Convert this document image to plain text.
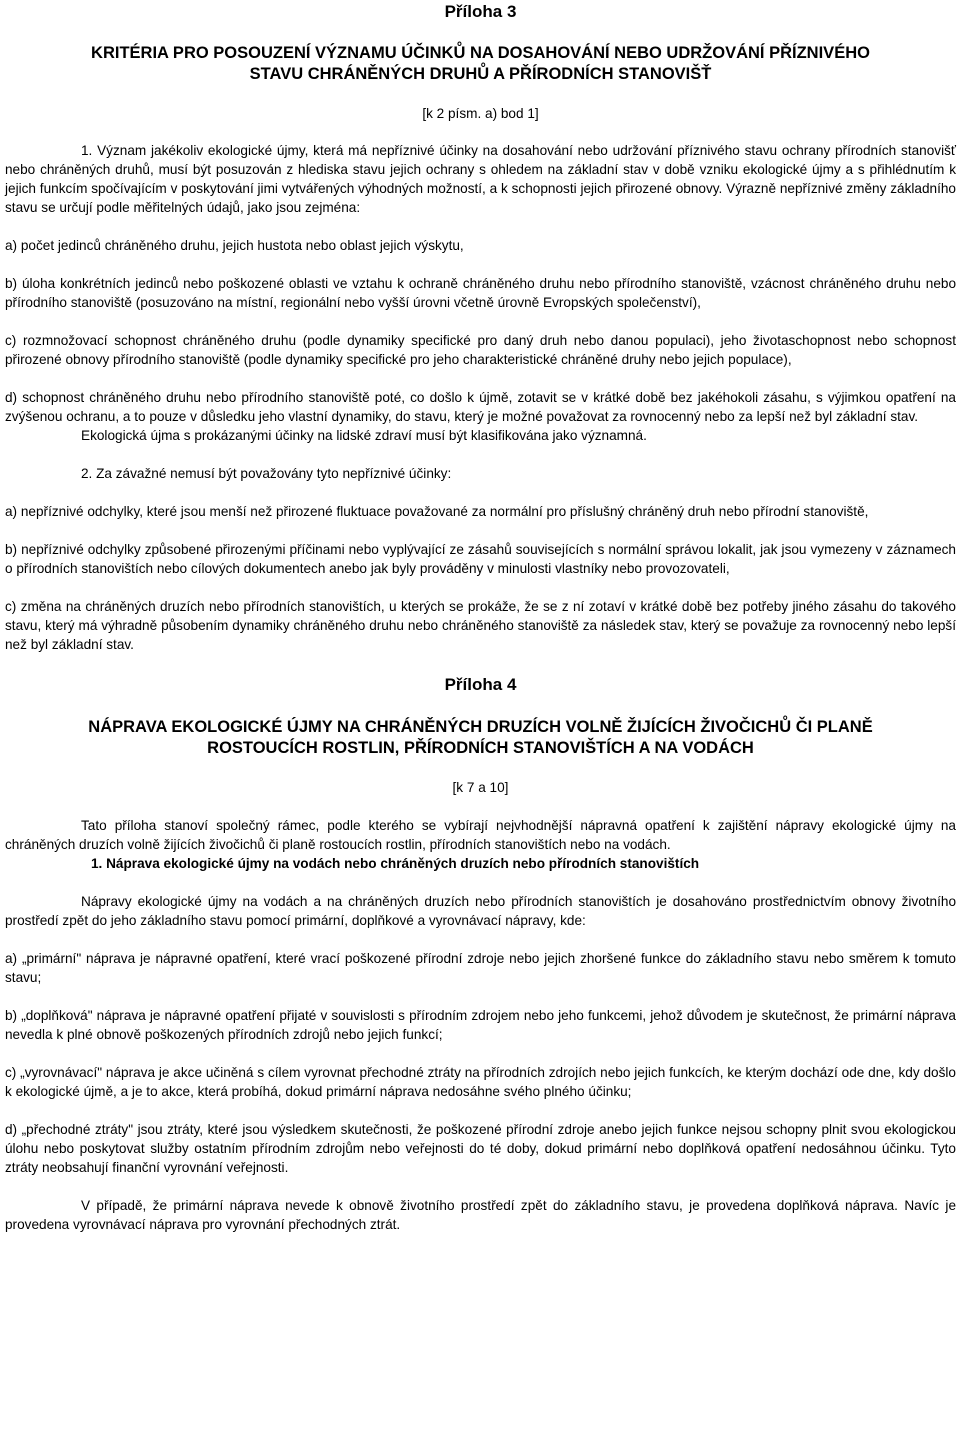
Příloha 3

KRITÉRIA PRO POSOUZENÍ VÝZNAMU ÚČINKŮ NA DOSAHOVÁNÍ NEBO UDRŽOVÁNÍ PŘÍZNIVÉHO
STAVU CHRÁNĚNÝCH DRUHŮ A PŘÍRODNÍCH STANOVIŠŤ

[k 2 písm. a) bod 1]

1. Význam jakékoliv ekologické újmy, která má nepříznivé účinky na dosahování nebo udržování příznivého stavu ochrany přírodních stanovišť nebo chráněných druhů, musí být posuzován z hlediska stavu jejich ochrany s ohledem na základní stav v době vzniku ekologické újmy a s přihlédnutím k jejich funkcím spočívajícím v poskytování jimi vytvářených výhodných možností, a k schopnosti jejich přirozené obnovy. Výrazně nepříznivé změny základního stavu se určují podle měřitelných údajů, jako jsou zejména:

a) počet jedinců chráněného druhu, jejich hustota nebo oblast jejich výskytu,

b) úloha konkrétních jedinců nebo poškozené oblasti ve vztahu k ochraně chráněného druhu nebo přírodního stanoviště, vzácnost chráněného druhu nebo přírodního stanoviště (posuzováno na místní, regionální nebo vyšší úrovni včetně úrovně Evropských společenství),

c) rozmnožovací schopnost chráněného druhu (podle dynamiky specifické pro daný druh nebo danou populaci), jeho životaschopnost nebo schopnost přirozené obnovy přírodního stanoviště (podle dynamiky specifické pro jeho charakteristické chráněné druhy nebo jejich populace),

d) schopnost chráněného druhu nebo přírodního stanoviště poté, co došlo k újmě, zotavit se v krátké době bez jakéhokoli zásahu, s výjimkou opatření na zvýšenou ochranu, a to pouze v důsledku jeho vlastní dynamiky, do stavu, který je možné považovat za rovnocenný nebo za lepší než byl základní stav.

Ekologická újma s prokázanými účinky na lidské zdraví musí být klasifikována jako významná.

2. Za závažné nemusí být považovány tyto nepříznivé účinky:

a) nepříznivé odchylky, které jsou menší než přirozené fluktuace považované za normální pro příslušný chráněný druh nebo přírodní stanoviště,

b) nepříznivé odchylky způsobené přirozenými příčinami nebo vyplývající ze zásahů souvisejících s normální správou lokalit, jak jsou vymezeny v záznamech o přírodních stanovištích nebo cílových dokumentech anebo jak byly prováděny v minulosti vlastníky nebo provozovateli,

c) změna na chráněných druzích nebo přírodních stanovištích, u kterých se prokáže, že se z ní zotaví v krátké době bez potřeby jiného zásahu do takového stavu, který má výhradně působením dynamiky chráněného druhu nebo chráněného stanoviště za následek stav, který se považuje za rovnocenný nebo lepší než byl základní stav.

Příloha 4

NÁPRAVA EKOLOGICKÉ ÚJMY NA CHRÁNĚNÝCH DRUZÍCH VOLNĚ ŽIJÍCÍCH ŽIVOČICHŮ ČI PLANĚ
ROSTOUCÍCH ROSTLIN, PŘÍRODNÍCH STANOVIŠTÍCH A NA VODÁCH

[k 7 a 10]

Tato příloha stanoví společný rámec, podle kterého se vybírají nejvhodnější nápravná opatření k zajištění nápravy ekologické újmy na chráněných druzích volně žijících živočichů či planě rostoucích rostlin, přírodních stanovištích nebo na vodách.

1. Náprava ekologické újmy na vodách nebo chráněných druzích nebo přírodních stanovištích

Nápravy ekologické újmy na vodách a na chráněných druzích nebo přírodních stanovištích je dosahováno prostřednictvím obnovy životního prostředí zpět do jeho základního stavu pomocí primární, doplňkové a vyrovnávací nápravy, kde:

a) „primární" náprava je nápravné opatření, které vrací poškozené přírodní zdroje nebo jejich zhoršené funkce do základního stavu nebo směrem k tomuto stavu;

b) „doplňková" náprava je nápravné opatření přijaté v souvislosti s přírodním zdrojem nebo jeho funkcemi, jehož důvodem je skutečnost, že primární náprava nevedla k plné obnově poškozených přírodních zdrojů nebo jejich funkcí;

c) „vyrovnávací" náprava je akce učiněná s cílem vyrovnat přechodné ztráty na přírodních zdrojích nebo jejich funkcích, ke kterým dochází ode dne, kdy došlo k ekologické újmě, a je to akce, která probíhá, dokud primární náprava nedosáhne svého plného účinku;

d) „přechodné ztráty" jsou ztráty, které jsou výsledkem skutečnosti, že poškozené přírodní zdroje anebo jejich funkce nejsou schopny plnit svou ekologickou úlohu nebo poskytovat služby ostatním přírodním zdrojům nebo veřejnosti do té doby, dokud primární nebo doplňková opatření nedosáhnou účinku. Tyto ztráty neobsahují finanční vyrovnání veřejnosti.

V případě, že primární náprava nevede k obnově životního prostředí zpět do základního stavu, je provedena doplňková náprava. Navíc je provedena vyrovnávací náprava pro vyrovnání přechodných ztrát.
